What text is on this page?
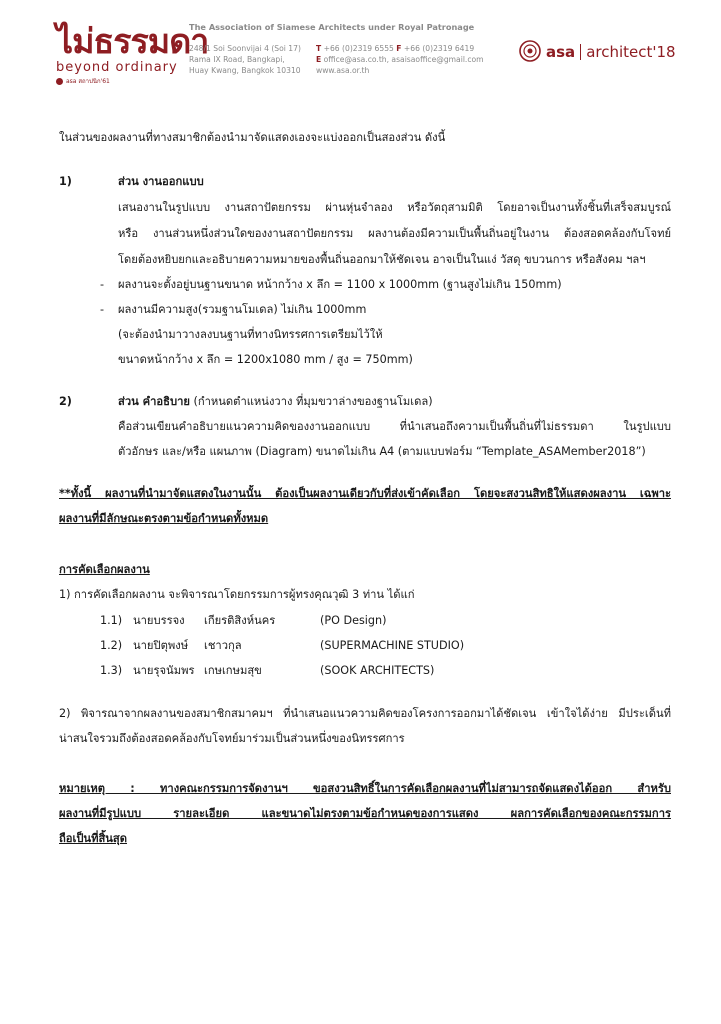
ไม่ธรรมดา
beyond ordinary
asa สถาปนิก'61
The Association of Siamese Architects under Royal Patronage
248/1 Soi Soonvijai 4 (Soi 17)
Rama IX Road, Bangkapi,
Huay Kwang, Bangkok 10310
T +66 (0)2319 6555 F +66 (0)2319 6419
E office@asa.co.th, asaisaoffice@gmail.com
www.asa.or.th
asa architect'18
ในส่วนของผลงานที่ทางสมาชิกต้องนำมาจัดแสดงเองจะแบ่งออกเป็นสองส่วน ดังนี้
1)	ส่วน งานออกแบบ
เสนองานในรูปแบบ งานสถาปัตยกรรม ผ่านหุ่นจำลอง หรือวัตถุสามมิติ โดยอาจเป็นงานทั้งชิ้นที่เสร็จสมบูรณ์
หรือ งานส่วนหนึ่งส่วนใดของงานสถาปัตยกรรม ผลงานต้องมีความเป็นพื้นถิ่นอยู่ในงาน ต้องสอดคล้องกับโจทย์
โดยต้องหยิบยกและอธิบายความหมายของพื้นถิ่นออกมาให้ชัดเจน อาจเป็นในแง่ วัสดุ ขบวนการ หรือสังคม ฯลฯ
- ผลงานจะตั้งอยู่บนฐานขนาด หน้ากว้าง x ลึก = 1100 x 1000mm (ฐานสูงไม่เกิน 150mm)
- ผลงานมีความสูง(รวมฐานโมเดล) ไม่เกิน 1000mm
(จะต้องนำมาวางลงบนฐานที่ทางนิทรรศการเตรียมไว้ให้
ขนาดหน้ากว้าง x ลึก = 1200x1080 mm / สูง = 750mm)
2)	ส่วน คำอธิบาย (กำหนดตำแหน่งวาง ที่มุมขวาล่างของฐานโมเดล)
คือส่วนเขียนคำอธิบายแนวความคิดของงานออกแบบ ที่นำเสนอถึงความเป็นพื้นถิ่นที่ไม่ธรรมดา ในรูปแบบ
ตัวอักษร และ/หรือ แผนภาพ (Diagram) ขนาดไม่เกิน A4 (ตามแบบฟอร์ม “Template_ASAMember2018”)
**ทั้งนี้ ผลงานที่นำมาจัดแสดงในงานนั้น ต้องเป็นผลงานเดียวกับที่ส่งเข้าคัดเลือก โดยจะสงวนสิทธิให้แสดงผลงาน เฉพาะ
ผลงานที่มีลักษณะตรงตามข้อกำหนดทั้งหมด
การคัดเลือกผลงาน
1) การคัดเลือกผลงาน จะพิจารณาโดยกรรมการผู้ทรงคุณวุฒิ 3 ท่าน ได้แก่
1.1) นายบรรจง เกียรติสิงห์นคร	(PO Design)
1.2) นายปิตุพงษ์ เชาวกุล	(SUPERMACHINE STUDIO)
1.3) นายรุจนัมพร เกษเกษมสุข	(SOOK ARCHITECTS)
2) พิจารณาจากผลงานของสมาชิกสมาคมฯ ที่นำเสนอแนวความคิดของโครงการออกมาได้ชัดเจน เข้าใจได้ง่าย มีประเด็นที่
น่าสนใจรวมถึงต้องสอดคล้องกับโจทย์มาร่วมเป็นส่วนหนึ่งของนิทรรศการ
หมายเหตุ : ทางคณะกรรมการจัดงานฯ ขอสงวนสิทธิ์ในการคัดเลือกผลงานที่ไม่สามารถจัดแสดงได้ออก สำหรับ
ผลงานที่มีรูปแบบ รายละเอียด และขนาดไม่ตรงตามข้อกำหนดของการแสดง ผลการคัดเลือกของคณะกรรมการ
ถือเป็นที่สิ้นสุด
